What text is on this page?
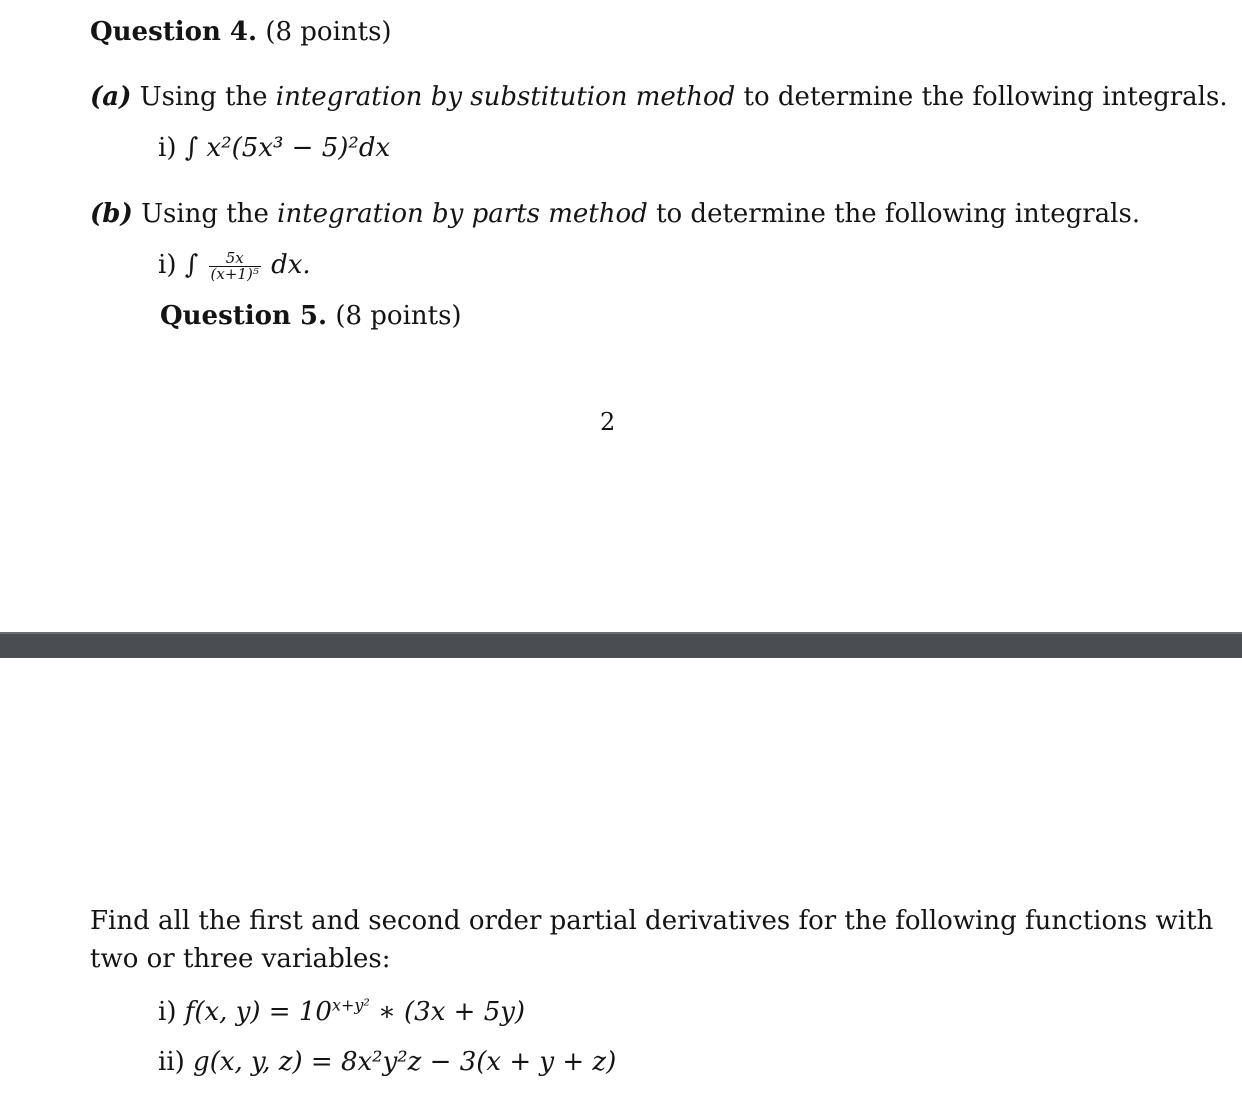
Question 4. (8 points)
(a) Using the integration by substitution method to determine the following integrals.
i) ∫ x²(5x³ − 5)²dx
(b) Using the integration by parts method to determine the following integrals.
i) ∫ $\frac{5x}{\text{(x+1)⁵}}$ dx.
Question 5. (8 points)
2
Find all the first and second order partial derivatives for the following functions with
two or three variables:
i) f(x, $y) = 10^{x+y^2}$ ∗ (3x + 5y)
ii) g(x, y, z) = 8x²y²z − 3(x + y + z)
